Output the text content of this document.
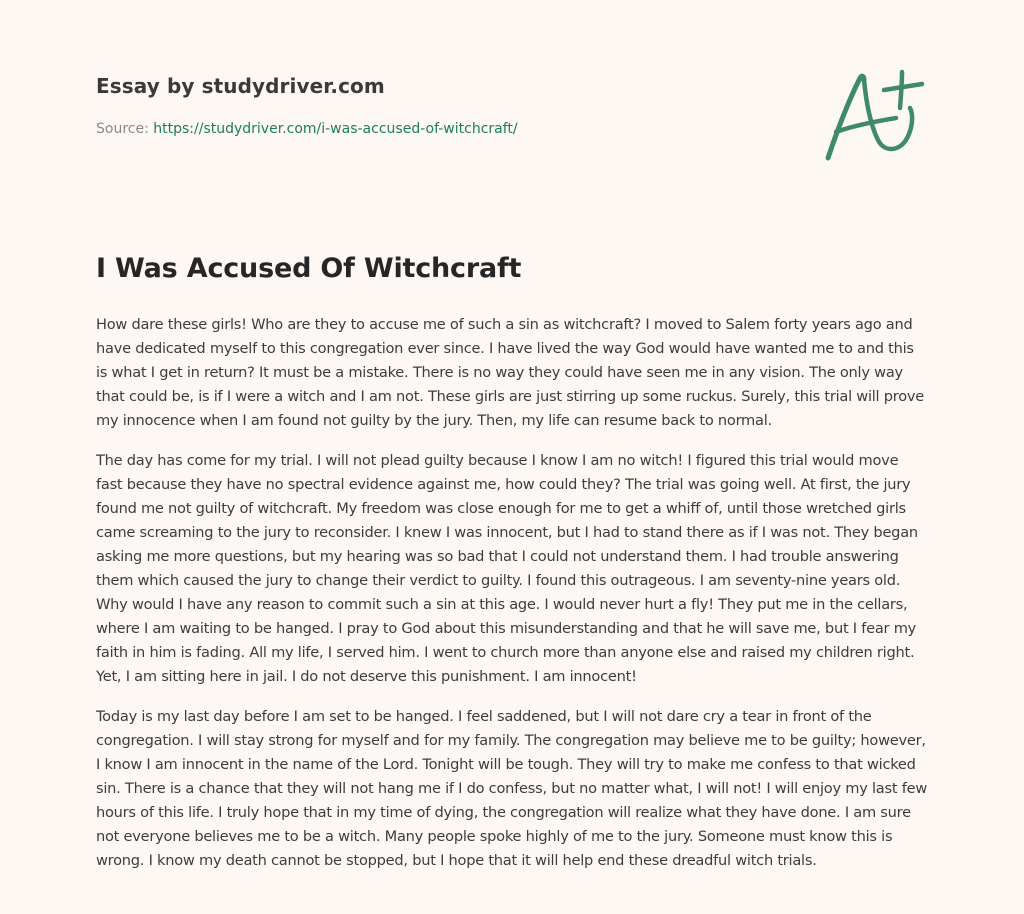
Essay by studydriver.com
Source: https://studydriver.com/i-was-accused-of-witchcraft/
I Was Accused Of Witchcraft

How dare these girls! Who are they to accuse me of such a sin as witchcraft? I moved to Salem forty years ago and have dedicated myself to this congregation ever since. I have lived the way God would have wanted me to and this is what I get in return? It must be a mistake. There is no way they could have seen me in any vision. The only way that could be, is if I were a witch and I am not. These girls are just stirring up some ruckus. Surely, this trial will prove my innocence when I am found not guilty by the jury. Then, my life can resume back to normal.

The day has come for my trial. I will not plead guilty because I know I am no witch! I figured this trial would move fast because they have no spectral evidence against me, how could they? The trial was going well. At first, the jury found me not guilty of witchcraft. My freedom was close enough for me to get a whiff of, until those wretched girls came screaming to the jury to reconsider. I knew I was innocent, but I had to stand there as if I was not. They began asking me more questions, but my hearing was so bad that I could not understand them. I had trouble answering them which caused the jury to change their verdict to guilty. I found this outrageous. I am seventy-nine years old. Why would I have any reason to commit such a sin at this age. I would never hurt a fly! They put me in the cellars, where I am waiting to be hanged. I pray to God about this misunderstanding and that he will save me, but I fear my faith in him is fading. All my life, I served him. I went to church more than anyone else and raised my children right. Yet, I am sitting here in jail. I do not deserve this punishment. I am innocent!

Today is my last day before I am set to be hanged. I feel saddened, but I will not dare cry a tear in front of the congregation. I will stay strong for myself and for my family. The congregation may believe me to be guilty; however, I know I am innocent in the name of the Lord. Tonight will be tough. They will try to make me confess to that wicked sin. There is a chance that they will not hang me if I do confess, but no matter what, I will not! I will enjoy my last few hours of this life. I truly hope that in my time of dying, the congregation will realize what they have done. I am sure not everyone believes me to be a witch. Many people spoke highly of me to the jury. Someone must know this is wrong. I know my death cannot be stopped, but I hope that it will help end these dreadful witch trials.
